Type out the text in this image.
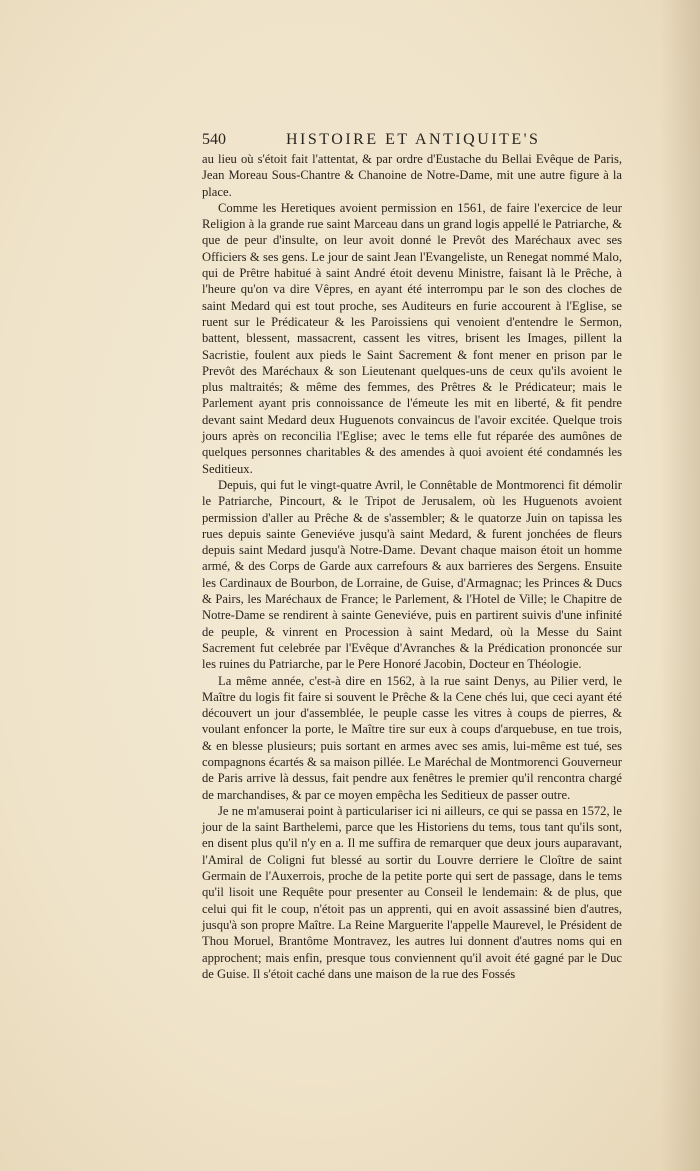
540	HISTOIRE ET ANTIQUITE'S

au lieu où s'étoit fait l'attentat, & par ordre d'Eustache du Bellai Evêque de Paris, Jean Moreau Sous-Chantre & Chanoine de Notre-Dame, mit une autre figure à la place.

Comme les Heretiques avoient permission en 1561, de faire l'exercice de leur Religion à la grande rue saint Marceau dans un grand logis appellé le Patriarche, & que de peur d'insulte, on leur avoit donné le Prevôt des Maréchaux avec ses Officiers & ses gens. Le jour de saint Jean l'Evangeliste, un Renegat nommé Malo, qui de Prêtre habitué à saint André étoit devenu Ministre, faisant là le Prêche, à l'heure qu'on va dire Vêpres, en ayant été interrompu par le son des cloches de saint Medard qui est tout proche, ses Auditeurs en furie accourent à l'Eglise, se ruent sur le Prédicateur & les Paroissiens qui venoient d'entendre le Sermon, battent, blessent, massacrent, cassent les vitres, brisent les Images, pillent la Sacristie, foulent aux pieds le Saint Sacrement & font mener en prison par le Prevôt des Maréchaux & son Lieutenant quelques-uns de ceux qu'ils avoient le plus maltraités; & même des femmes, des Prêtres & le Prédicateur; mais le Parlement ayant pris connoissance de l'émeute les mit en liberté, & fit pendre devant saint Medard deux Huguenots convaincus de l'avoir excitée. Quelque trois jours après on reconcilia l'Eglise; avec le tems elle fut réparée des aumônes de quelques personnes charitables & des amendes à quoi avoient été condamnés les Seditieux.

Depuis, qui fut le vingt-quatre Avril, le Connêtable de Montmorenci fit démolir le Patriarche, Pincourt, & le Tripot de Jerusalem, où les Huguenots avoient permission d'aller au Prêche & de s'assembler; & le quatorze Juin on tapissa les rues depuis sainte Geneviéve jusqu'à saint Medard, & furent jonchées de fleurs depuis saint Medard jusqu'à Notre-Dame. Devant chaque maison étoit un homme armé, & des Corps de Garde aux carrefours & aux barrieres des Sergens. Ensuite les Cardinaux de Bourbon, de Lorraine, de Guise, d'Armagnac; les Princes & Ducs & Pairs, les Maréchaux de France; le Parlement, & l'Hotel de Ville; le Chapitre de Notre-Dame se rendirent à sainte Geneviéve, puis en partirent suivis d'une infinité de peuple, & vinrent en Procession à saint Medard, où la Messe du Saint Sacrement fut celebrée par l'Evêque d'Avranches & la Prédication prononcée sur les ruines du Patriarche, par le Pere Honoré Jacobin, Docteur en Théologie.

La même année, c'est-à dire en 1562, à la rue saint Denys, au Pilier verd, le Maître du logis fit faire si souvent le Prêche & la Cene chés lui, que ceci ayant été découvert un jour d'assemblée, le peuple casse les vitres à coups de pierres, & voulant enfoncer la porte, le Maître tire sur eux à coups d'arquebuse, en tue trois, & en blesse plusieurs; puis sortant en armes avec ses amis, lui-même est tué, ses compagnons écartés & sa maison pillée. Le Maréchal de Montmorenci Gouverneur de Paris arrive là dessus, fait pendre aux fenêtres le premier qu'il rencontra chargé de marchandises, & par ce moyen empêcha les Seditieux de passer outre.

Je ne m'amuserai point à particulariser ici ni ailleurs, ce qui se passa en 1572, le jour de la saint Barthelemi, parce que les Historiens du tems, tous tant qu'ils sont, en disent plus qu'il n'y en a. Il me suffira de remarquer que deux jours auparavant, l'Amiral de Coligni fut blessé au sortir du Louvre derriere le Cloître de saint Germain de l'Auxerrois, proche de la petite porte qui sert de passage, dans le tems qu'il lisoit une Requête pour presenter au Conseil le lendemain: & de plus, que celui qui fit le coup, n'étoit pas un apprenti, qui en avoit assassiné bien d'autres, jusqu'à son propre Maître. La Reine Marguerite l'appelle Maurevel, le Président de Thou Moruel, Brantôme Montravez, les autres lui donnent d'autres noms qui en approchent; mais enfin, presque tous conviennent qu'il avoit été gagné par le Duc de Guise. Il s'étoit caché dans une maison de la rue des Fossés
